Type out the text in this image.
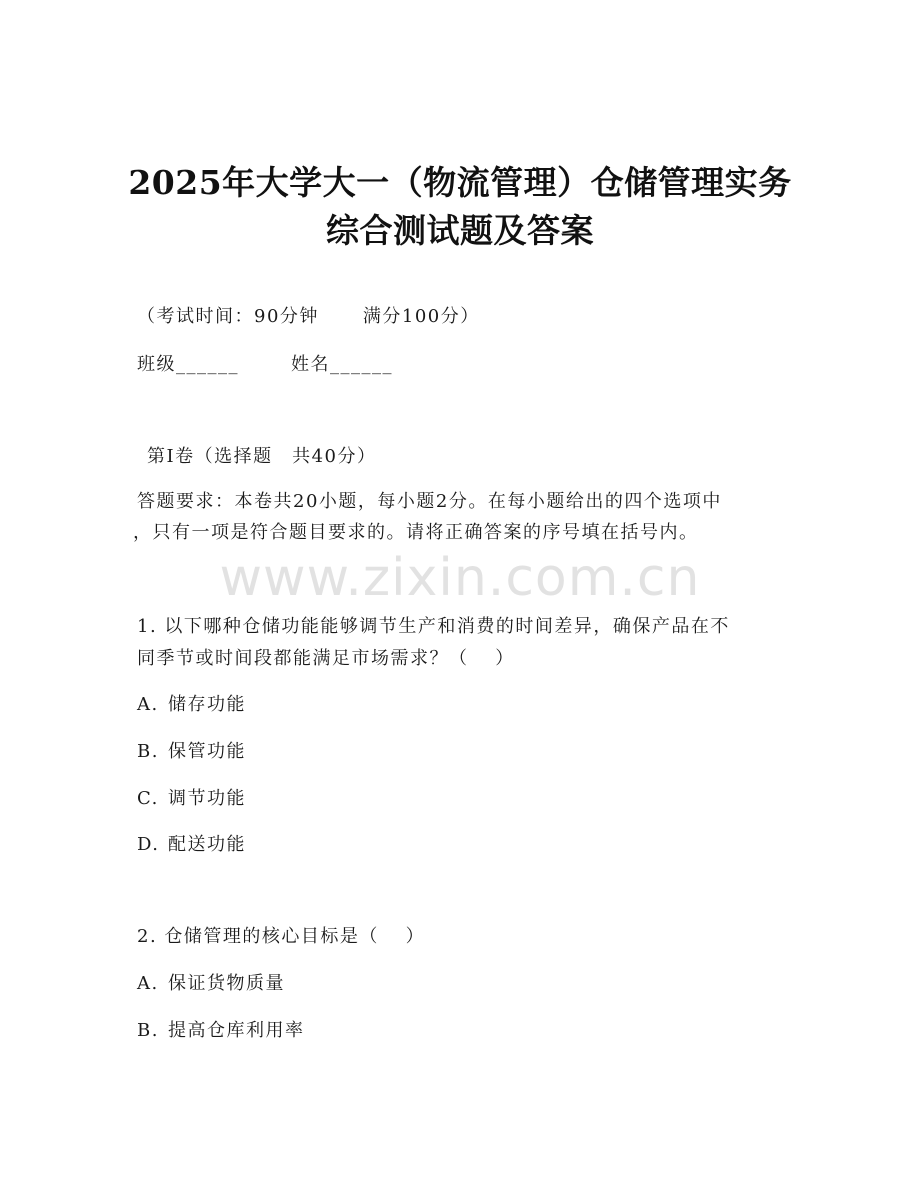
2025年大学大一（物流管理）仓储管理实务
综合测试题及答案
（考试时间：90分钟 满分100分）
班级______	姓名______
第I卷（选择题　共40分）
答题要求：本卷共20小题，每小题2分。在每小题给出的四个选项中
，只有一项是符合题目要求的。请将正确答案的序号填在括号内。
www.zixin.com.cn
1. 以下哪种仓储功能能够调节生产和消费的时间差异，确保产品在不
同季节或时间段都能满足市场需求？（　 ）
A. 储存功能
B. 保管功能
C. 调节功能
D. 配送功能
2. 仓储管理的核心目标是（　 ）
A. 保证货物质量
B. 提高仓库利用率
